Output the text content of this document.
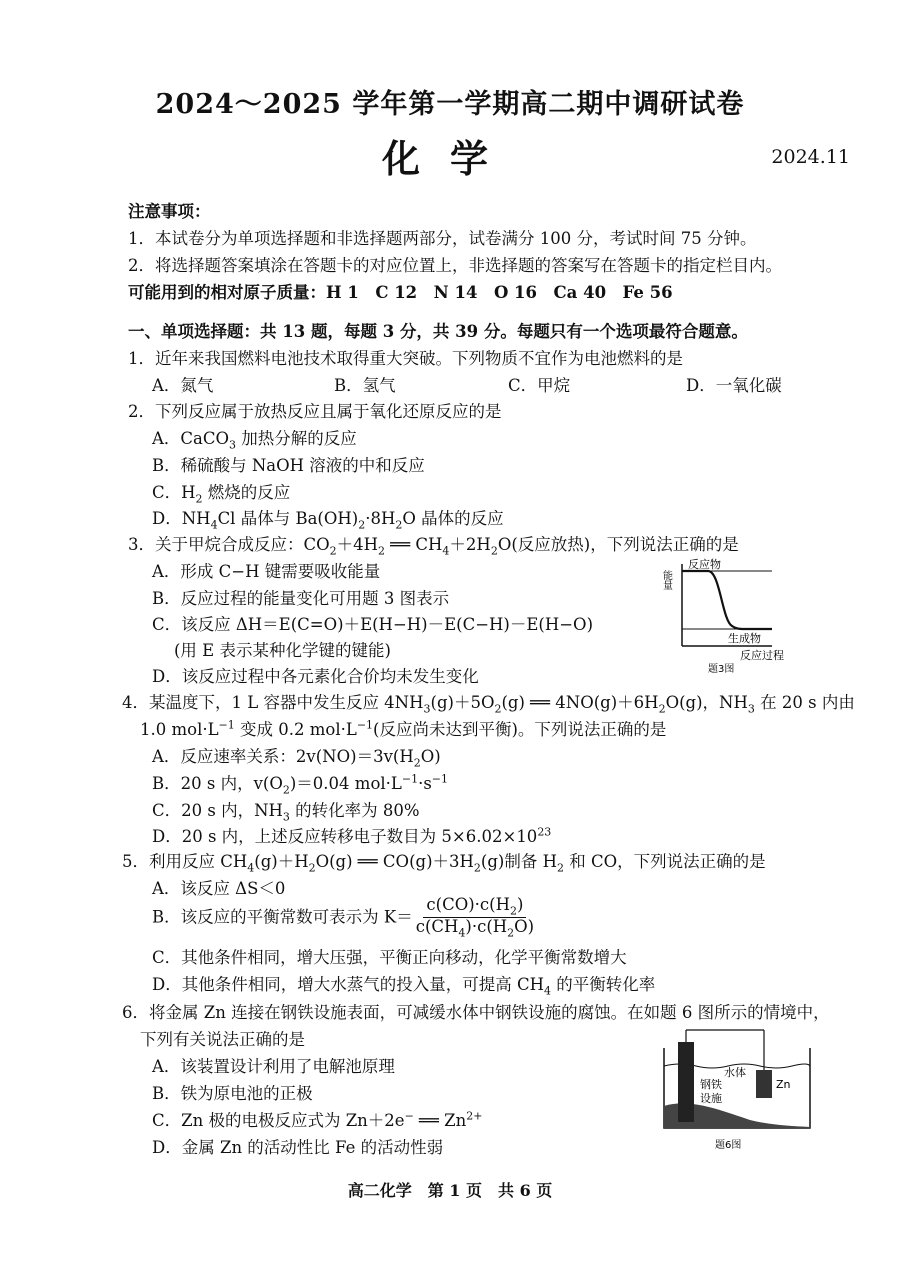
2024～2025 学年第一学期高二期中调研试卷
化学	2024.11
注意事项：
1．本试卷分为单项选择题和非选择题两部分，试卷满分 100 分，考试时间 75 分钟。
2．将选择题答案填涂在答题卡的对应位置上，非选择题的答案写在答题卡的指定栏目内。
可能用到的相对原子质量：H 1　C 12　N 14　O 16　Ca 40　Fe 56
一、单项选择题：共 13 题，每题 3 分，共 39 分。每题只有一个选项最符合题意。
1．近年来我国燃料电池技术取得重大突破。下列物质不宜作为电池燃料的是
A．氮气	B．氢气	C．甲烷	D．一氧化碳
2．下列反应属于放热反应且属于氧化还原反应的是
A．CaCO$_3$ 加热分解的反应
B．稀硫酸与 NaOH 溶液的中和反应
C．$H_2$ 燃烧的反应
D．$NH_4Cl$ 晶体与 $Ba(OH)_2\cdot 8H_2O$ 晶体的反应
3．关于甲烷合成反应：$CO_2+4H_2$ ══ $CH_4+2H_2O$(反应放热)，下列说法正确的是
A．形成 C−H 键需要吸收能量
B．反应过程的能量变化可用题 3 图表示
C．该反应 ΔH＝E(C=O)＋E(H−H)－E(C−H)－E(H−O)
(用 E 表示某种化学键的键能)
D．该反应过程中各元素化合价均未发生变化
能量
反应物
生成物
反应过程
题3图
4．某温度下，1 L 容器中发生反应 $4NH_3(g)+5O_2(g)$ ══ $4NO(g)+6H_2O(g)$，$NH_3$ 在 20 s 内由
1.0 $mol\cdot L^{-1}$ 变成 0.2 $mol\cdot L^{-1}$(反应尚未达到平衡)。下列说法正确的是
A．反应速率关系：$2v(NO)=3v(H_2O)$
B．20 s 内，$v(O_2)=0.04$ $mol\cdot L^{-1}\cdot s^{-1}$
C．20 s 内，$NH_3$ 的转化率为 80%
D．20 s 内，上述反应转移电子数目为 $5\times 6.02\times 10^{23}$
5．利用反应 $CH_4(g)+H_2O(g)$ ══ $CO(g)+3H_2(g)$制备 $H_2$ 和 CO，下列说法正确的是
A．该反应 ΔS＜0
B．该反应的平衡常数可表示为 $K= \frac{c(CO)\cdot c(H_2)}{c(CH_4)\cdot c(H_2O)}$
C．其他条件相同，增大压强，平衡正向移动，化学平衡常数增大
D．其他条件相同，增大水蒸气的投入量，可提高 $CH_4$ 的平衡转化率
6．将金属 Zn 连接在钢铁设施表面，可减缓水体中钢铁设施的腐蚀。在如题 6 图所示的情境中，
下列有关说法正确的是
A．该装置设计利用了电解池原理
B．铁为原电池的正极
C．Zn 极的电极反应式为 Zn＋2e− ══ $Zn^{2+}$
D．金属 Zn 的活动性比 Fe 的活动性弱
水体
钢铁
设施
Zn
题6图
高二化学　第 1 页　共 6 页
